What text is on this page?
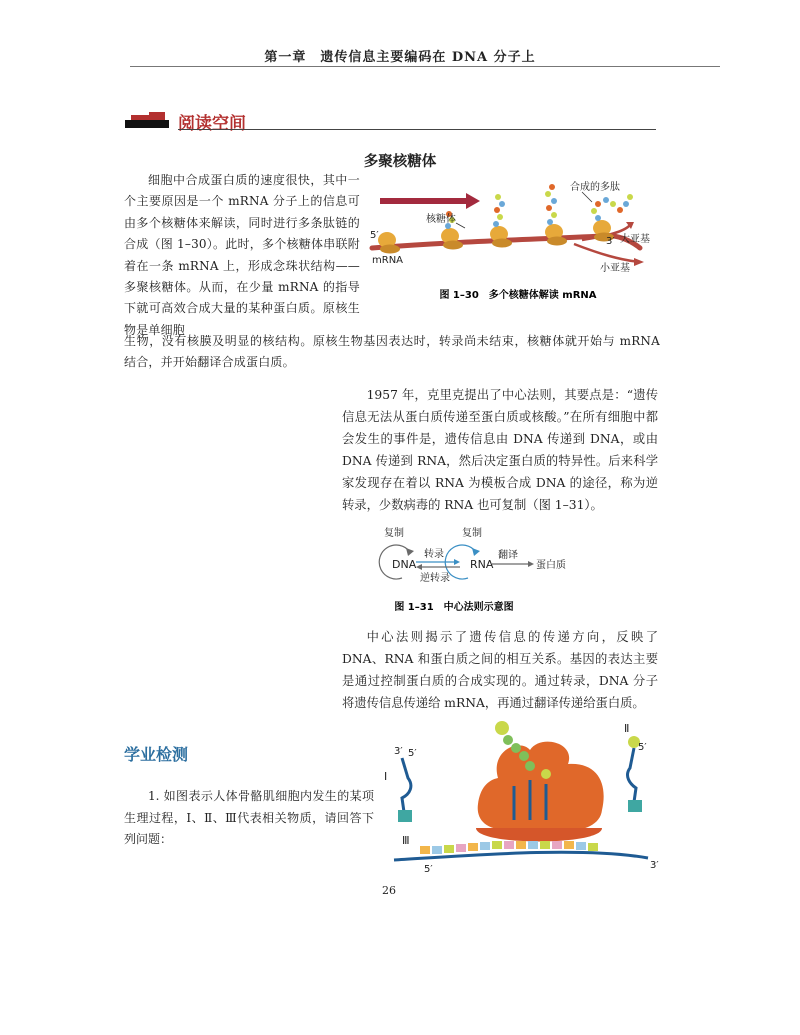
第一章　遗传信息主要编码在 DNA 分子上
阅读空间
多聚核糖体
细胞中合成蛋白质的速度很快，其中一个主要原因是一个 mRNA 分子上的信息可由多个核糖体来解读，同时进行多条肽链的合成（图 1–30）。此时，多个核糖体串联附着在一条 mRNA 上，形成念珠状结构——多聚核糖体。从而，在少量 mRNA 的指导下就可高效合成大量的某种蛋白质。原核生物是单细胞
生物，没有核膜及明显的核结构。原核生物基因表达时，转录尚未结束，核糖体就开始与 mRNA 结合，并开始翻译合成蛋白质。
合成的多肽
核糖体
5′
3′ 大亚基
小亚基
mRNA
图 1–30　多个核糖体解读 mRNA
1957 年，克里克提出了中心法则，其要点是：“遗传信息无法从蛋白质传递至蛋白质或核酸。”在所有细胞中都会发生的事件是，遗传信息由 DNA 传递到 DNA，或由 DNA 传递到 RNA，然后决定蛋白质的特异性。后来科学家发现存在着以 RNA 为模板合成 DNA 的途径，称为逆转录，少数病毒的 RNA 也可复制（图 1–31）。
复制	复制
DNA	RNA
转录
逆转录
翻译
蛋白质
图 1–31　中心法则示意图
中心法则揭示了遗传信息的传递方向，反映了 DNA、RNA 和蛋白质之间的相互关系。基因的表达主要是通过控制蛋白质的合成实现的。通过转录，DNA 分子将遗传信息传递给 mRNA，再通过翻译传递给蛋白质。
学业检测
1. 如图表示人体骨骼肌细胞内发生的某项生理过程，Ⅰ、Ⅱ、Ⅲ代表相关物质，请回答下列问题：
3′ 5′
Ⅰ
Ⅱ
5′
Ⅲ
5′	3′
26
